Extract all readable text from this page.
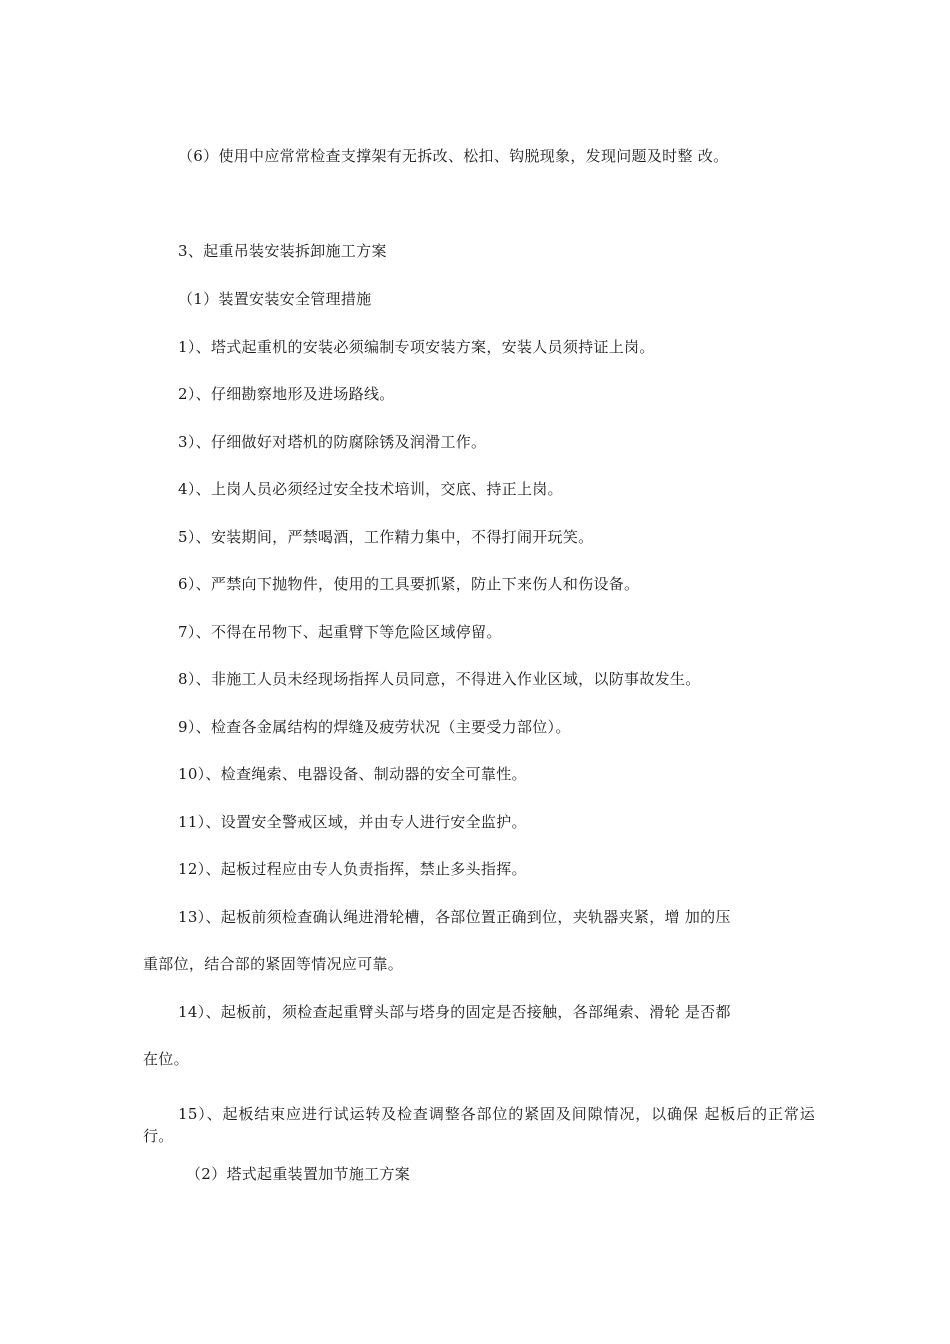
（6）使用中应常常检查支撑架有无拆改、松扣、钩脱现象，发现问题及时整 改。

3、起重吊装安装拆卸施工方案

（1）装置安装安全管理措施

1）、塔式起重机的安装必须编制专项安装方案，安装人员须持证上岗。

2）、仔细勘察地形及进场路线。

3）、仔细做好对塔机的防腐除锈及润滑工作。

4）、上岗人员必须经过安全技术培训，交底、持正上岗。

5）、安装期间，严禁喝酒，工作精力集中，不得打闹开玩笑。

6）、严禁向下抛物件，使用的工具要抓紧，防止下来伤人和伤设备。

7）、不得在吊物下、起重臂下等危险区域停留。

8）、非施工人员未经现场指挥人员同意，不得进入作业区域，以防事故发生。

9）、检查各金属结构的焊缝及疲劳状况（主要受力部位）。

10）、检查绳索、电器设备、制动器的安全可靠性。

11）、设置安全警戒区域，并由专人进行安全监护。

12）、起板过程应由专人负责指挥，禁止多头指挥。

13）、起板前须检查确认绳进滑轮槽，各部位置正确到位，夹轨器夹紧，增 加的压

重部位，结合部的紧固等情况应可靠。

14）、起板前，须检查起重臂头部与塔身的固定是否接触，各部绳索、滑轮 是否都

在位。

15）、起板结束应进行试运转及检查调整各部位的紧固及间隙情况，以确保 起板后的正常运行。

（2）塔式起重装置加节施工方案
